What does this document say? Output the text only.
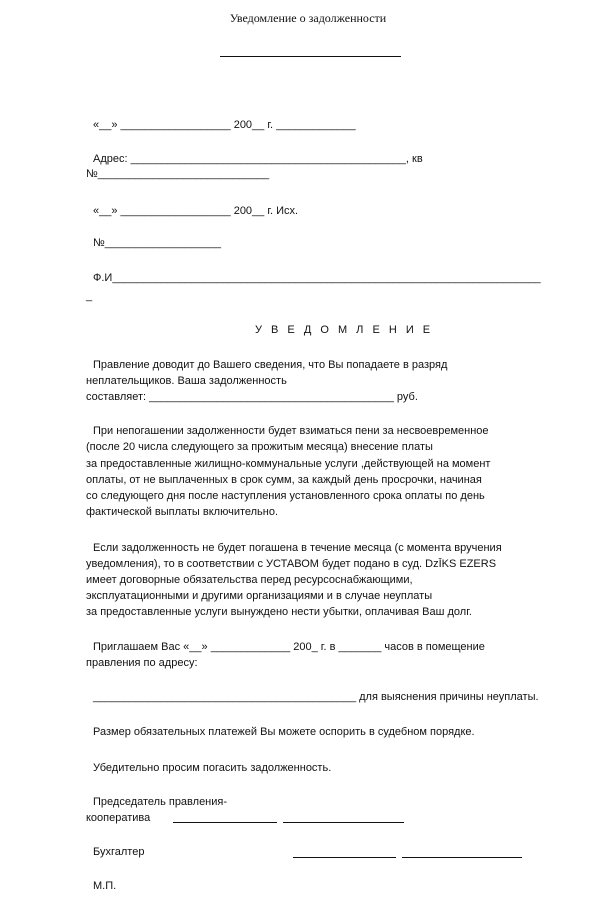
Уведомление о задолженности
«__» __________________ 200__ г. _____________
Адрес: _____________________________________________, кв
№____________________________
«__» __________________ 200__ г. Исх.
№___________________
Ф.И______________________________________________________________________
_
У В Е Д О М Л Е Н И Е
Правление доводит до Вашего сведения, что Вы попадаете в разряд
неплательщиков. Ваша задолженность
составляет: ________________________________________ руб.
При непогашении задолженности будет взиматься пени за несвоевременное
(после 20 числа следующего за прожитым месяца) внесение платы
за предоставленные жилищно-коммунальные услуги ,действующей на момент
оплаты, от не выплаченных в срок сумм, за каждый день просрочки, начиная
со следующего дня после наступления установленного срока оплаты по день
фактической выплаты включительно.
Если задолженность не будет погашена в течение месяца (с момента вручения
уведомления), то в соответствии с УСТАВОМ будет подано в суд. DzĪKS EZERS
имеет договорные обязательства перед ресурсоснабжающими,
эксплуатационными и другими организациями и в случае неуплаты
за предоставленные услуги вынуждено нести убытки, оплачивая Ваш долг.
Приглашаем Вас «__» _____________ 200_ г. в _______ часов в помещение
правления по адресу:
___________________________________________ для выяснения причины неуплаты.
Размер обязательных платежей Вы можете оспорить в судебном порядке.
Убедительно просим погасить задолженность.
Председатель правления-
кооператива
Бухгалтер
М.П.
